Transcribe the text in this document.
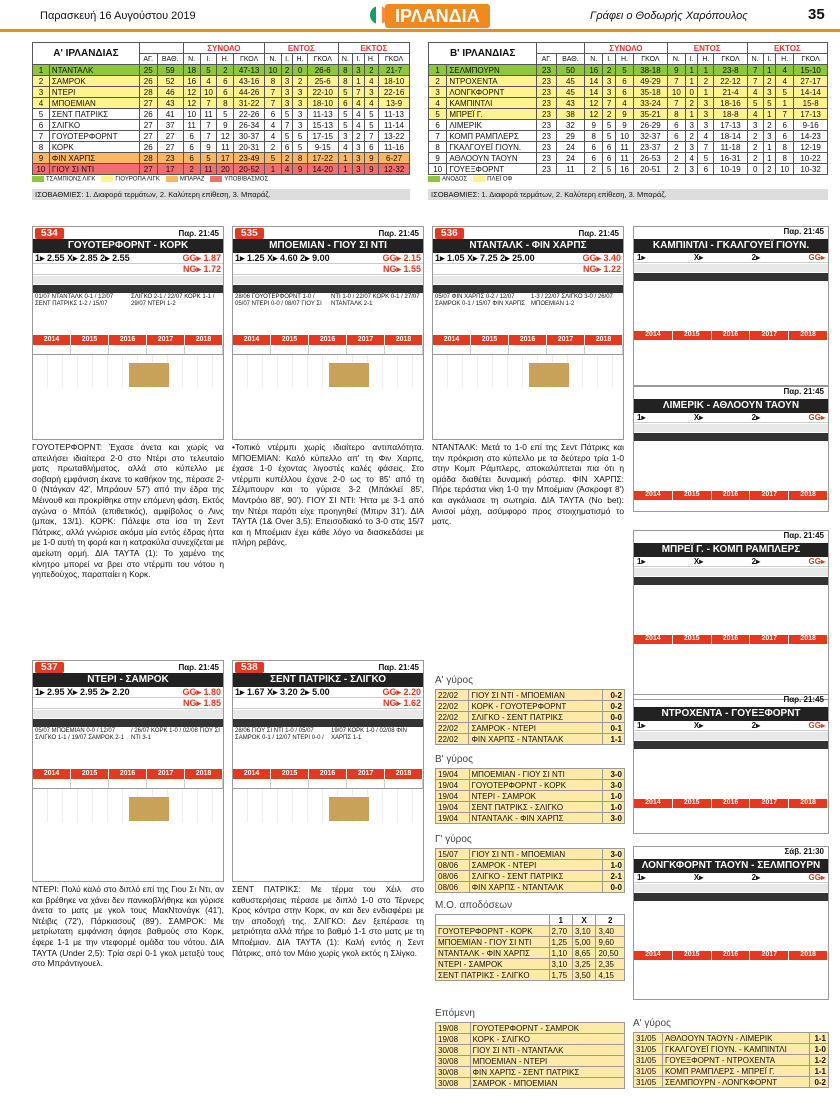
Παρασκευή 16 Αυγούστου 2019	ΙΡΛΑΝΔΙΑ	Γράφει ο Θοδωρής Χαρόπουλος	35
Α' ΙΡΛΑΝΔΙΑΣ				ΣΥΝΟΛΟ				ΕΝΤΟΣ				ΕΚΤΟΣ			
		ΑΓ.	ΒΑΘ.	Ν.	Ι.	Η.	ΓΚΟΛ	Ν.	Ι.	Η.	ΓΚΟΛ	Ν.	Ι.	Η.	ΓΚΟΛ
1	ΝΤΑΝΤΑΛΚ	25	59	18	5	2	47-13	10	2	0	26-6	8	3	2	21-7
2	ΣΑΜΡΟΚ	26	52	16	4	6	43-16	8	3	2	25-6	8	1	4	18-10
3	ΝΤΕΡΙ	28	46	12	10	6	44-26	7	3	3	22-10	5	7	3	22-16
4	ΜΠΟΕΜΙΑΝ	27	43	12	7	8	31-22	7	3	3	18-10	6	4	4	13-9
5	ΣΕΝΤ ΠΑΤΡΙΚΣ	26	41	10	11	5	22-26	6	5	3	11-13	5	4	5	11-13
6	ΣΛΙΓΚΟ	27	37	11	7	9	26-34	4	7	3	15-13	5	4	5	11-14
7	ΓΟΥΟΤΕΡΦΟΡΝΤ	27	27	6	7	12	30-37	4	5	5	17-15	3	2	7	13-22
8	ΚΟΡΚ	26	27	6	9	11	20-31	2	6	5	9-15	4	3	6	11-16
9	ΦΙΝ ΧΑΡΠΣ	28	23	6	5	17	23-49	5	2	8	17-22	1	3	9	6-27
10	ΓΙΟΥ ΣΙ ΝΤΙ	27	17	2	11	20	20-52	1	4	9	14-20	1	3	9	12-32
ΤΣΑΜΠΙΟΝΣ ΛΙΓΚ	ΓΙΟΥΡΟΠΑ ΛΙΓΚ	ΜΠΑΡΑΖ	ΥΠΟΒΙΒΑΣΜΟΣ
ΙΣΟΒΑΘΜΙΕΣ: 1. Διαφορά τερμάτων, 2. Καλύτερη επίθεση, 3. Μπαράζ.
Β' ΙΡΛΑΝΔΙΑΣ				ΣΥΝΟΛΟ				ΕΝΤΟΣ				ΕΚΤΟΣ			
		ΑΓ.	ΒΑΘ.	Ν.	Ι.	Η.	ΓΚΟΛ	Ν.	Ι.	Η.	ΓΚΟΛ	Ν.	Ι.	Η.	ΓΚΟΛ
1	ΣΕΛΜΠΟΥΡΝ	23	50	16	2	5	38-18	9	1	1	23-8	7	1	4	15-10
2	ΝΤΡΟΧΕΝΤΑ	23	45	14	3	6	49-29	7	1	2	22-12	7	2	4	27-17
3	ΛΟΝΓΚΦΟΡΝΤ	23	45	14	3	6	35-18	10	0	1	21-4	4	3	5	14-14
4	ΚΑΜΠΙΝΤΛΙ	23	43	12	7	4	33-24	7	2	3	18-16	5	5	1	15-8
5	ΜΠΡΕΪ Γ.	23	38	12	2	9	35-21	8	1	3	18-8	4	1	7	17-13
6	ΛΙΜΕΡΙΚ	23	32	9	5	9	26-29	6	3	3	17-13	3	2	6	9-16
7	ΚΟΜΠ ΡΑΜΠΛΕΡΣ	23	29	8	5	10	32-37	6	2	4	18-14	2	3	6	14-23
8	ΓΚΑΛΓΟΥΕΪ ΓΙΟΥΝ.	23	24	6	6	11	23-37	2	3	7	11-18	2	1	8	12-19
9	ΑΘΛΟΟΥΝ ΤΑΟΥΝ	23	24	6	6	11	26-53	2	4	5	16-31	2	1	8	10-22
10	ΓΟΥΕΞΦΟΡΝΤ	23	11	2	5	16	20-51	2	3	6	10-19	0	2	10	10-32
ΑΝΟΔΟΣ	ΠΛΕΪ ΟΦ
ΙΣΟΒΑΘΜΙΕΣ: 1. Διαφορά τερμάτων, 2. Καλύτερη επίθεση, 3. Μπαράζ.
534	Παρ. 21:45
ΓΟΥΟΤΕΡΦΟΡΝΤ - ΚΟΡΚ
1▸ 2.55 X▸ 2.85 2▸ 2.55	GG▸ 1.87
NG▸ 1.72
01/07 ΝΤΑΝΤΑΛΚ 0-1 / 12/07 ΣΕΝΤ ΠΑΤΡΙΚΣ 1-2 / 15/07 ΣΛΙΓΚΟ 2-1 / 22/07 ΚΟΡΚ 1-1 / 29/07 ΝΤΕΡΙ 1-2
2014	2015	2016	2017	2018
535	Παρ. 21:45
ΜΠΟΕΜΙΑΝ - ΓΙΟΥ ΣΙ ΝΤΙ
1▸ 1.25 X▸ 4.60 2▸ 9.00	GG▸ 2.15
NG▸ 1.55
28/06 ΓΟΥΟΤΕΡΦΟΡΝΤ 1-0 / 05/07 ΝΤΕΡΙ 0-0 / 08/07 ΓΙΟΥ ΣΙ ΝΤΙ 1-0 / 22/07 ΚΟΡΚ 0-1 / 27/07 ΝΤΑΝΤΑΛΚ 2-1
2014	2015	2016	2017	2018
536	Παρ. 21:45
ΝΤΑΝΤΑΛΚ - ΦΙΝ ΧΑΡΠΣ
1▸ 1.05 X▸ 7.25 2▸ 25.00	GG▸ 3.40
NG▸ 1.22
05/07 ΦΙΝ ΧΑΡΠΣ 0-2 / 12/07 ΣΑΜΡΟΚ 0-1 / 15/07 ΦΙΝ ΧΑΡΠΣ 1-3 / 22/07 ΣΛΙΓΚΟ 3-0 / 26/07 ΜΠΟΕΜΙΑΝ 1-2
2014	2015	2016	2017	2018
537	Παρ. 21:45
ΝΤΕΡΙ - ΣΑΜΡΟΚ
1▸ 2.95 X▸ 2.95 2▸ 2.20	GG▸ 1.80
NG▸ 1.85
05/07 ΜΠΟΕΜΙΑΝ 0-0 / 12/07 ΣΛΙΓΚΟ 1-1 / 19/07 ΣΑΜΡΟΚ 2-1 / 26/07 ΚΟΡΚ 1-0 / 02/08 ΓΙΟΥ ΣΙ ΝΤΙ 3-1
2014	2015	2016	2017	2018
538	Παρ. 21:45
ΣΕΝΤ ΠΑΤΡΙΚΣ - ΣΛΙΓΚΟ
1▸ 1.67 X▸ 3.20 2▸ 5.00	GG▸ 2.20
NG▸ 1.62
28/06 ΓΙΟΥ ΣΙ ΝΤΙ 1-0 / 05/07 ΣΑΜΡΟΚ 0-1 / 12/07 ΝΤΕΡΙ 0-0 / 19/07 ΚΟΡΚ 1-0 / 02/08 ΦΙΝ ΧΑΡΠΣ 1-1
2014	2015	2016	2017	2018
ΓΟΥΟΤΕΡΦΟΡΝΤ: Έχασε άνετα και χωρίς να απειλήσει ιδιαίτερα 2-0 στο Ντέρι στο τελευταίο ματς πρωταθλήματος, αλλά στο κύπελλο με σοβαρή εμφάνιση έκανε το καθήκον της, πέρασε 2-0 (Ντάγκαν 42', Μπράουν 57') από την έδρα της Μέινουθ και προκρίθηκε στην επόμενη φάση. Εκτός αγώνα ο Μπόιλ (επιθετικός), αμφίβολος ο Λινς (μπακ, 13/1). ΚΟΡΚ: Πάλεψε στα ίσα τη Σεντ Πάτρικς, αλλά γνώρισε ακόμα μία εντός έδρας ήττα με 1-0 αυτή τη φορά και η κατρακύλα συνεχίζεται με αμείωτη ορμή. ΔΙΑ ΤΑΥΤΑ (1): Το χαμένο της κίνητρο μπορεί να βρει στο ντέρμπι του νότου η γηπεδούχος, παραπαίει η Κορκ.
•Τοπικό ντέρμπι χωρίς ιδιαίτερο αντιπαλότητα. ΜΠΟΕΜΙΑΝ: Καλό κύπελλο απ' τη Φιν Χαρπς, έχασε 1-0 έχοντας λιγοστές καλές φάσεις. Στο ντέρμπι κυπέλλου έχανε 2-0 ως το 85' από τη Σέλμπουρν και το γύρισε 3-2 (Μπάκλεϊ 85', Μαντρόιο 88', 90'). ΓΙΟΥ ΣΙ ΝΤΙ: Ήττα με 3-1 από την Ντέρι παρότι είχε προηγηθεί (Μπιρν 31'). ΔΙΑ ΤΑΥΤΑ (1& Over 3,5): Επεισοδιακό το 3-0 στις 15/7 και η Μποέμιαν έχει κάθε λόγο να διασκεδάσει με πλήρη ρεβάνς.
ΝΤΑΝΤΑΛΚ: Μετά το 1-0 επί της Σεντ Πάτρικς και την πρόκριση στο κύπελλο με τα δεύτερο τρία 1-0 στην Κομπ Ράμπλερς, αποκαλύπτεται πια ότι η ομάδα διαθέτει δυναμική ρόστερ. ΦΙΝ ΧΑΡΠΣ: Πήρε τεράστια νίκη 1-0 την Μποέμιαν (Άσκροφτ 8') και αγκάλιασε τη σωτηρία. ΔΙΑ ΤΑΥΤΑ (No bet): Ανισοί μάχη, ασύμφορο προς στοιχηματισμό το ματς.
ΝΤΕΡΙ: Πολύ καλό στο διπλό επί της Γιου Σι Ντι, αν και βρέθηκε να χάνει δεν πανικοβλήθηκε και γύρισε άνετα το ματς με γκολ τους ΜακΝτονάγκ (41'), Ντέιβις (72'), Πάρκιασουζ (89'). ΣΑΜΡΟΚ: Με μετρίωτατη εμφάνιση άφησε βαθμούς στο Κορκ, έφερε 1-1 με την ντεφορμέ ομάδα του νότου. ΔΙΑ ΤΑΥΤΑ (Under 2,5): Τρία σερί 0-1 γκολ μεταξύ τους στο Μπράντιγουελ.
ΣΕΝΤ ΠΑΤΡΙΚΣ: Με τέρμα του Χέιλ στο καθυστερήσεις πέρασε με διπλό 1-0 στο Τέρνερς Κρος κόντρα στην Κορκ, αν και δεν ενδιαφέρει με την αποδοχή της. ΣΛΙΓΚΟ: Δεν ξεπέρασε τη μετριότητα αλλά πήρε το βαθμό 1-1 στο ματς με τη Μποέμιαν. ΔΙΑ ΤΑΥΤΑ (1): Καλή εντός η Σεντ Πάτρικς, από τον Μάιο χωρίς γκολ εκτός η Σλίγκο.
Α' γύρος
22/02	ΓΙΟΥ ΣΙ ΝΤΙ - ΜΠΟΕΜΙΑΝ	0-2
22/02	ΚΟΡΚ - ΓΟΥΟΤΕΡΦΟΡΝΤ	0-2
22/02	ΣΛΙΓΚΟ - ΣΕΝΤ ΠΑΤΡΙΚΣ	0-0
22/02	ΣΑΜΡΟΚ - ΝΤΕΡΙ	0-1
22/02	ΦΙΝ ΧΑΡΠΣ - ΝΤΑΝΤΑΛΚ	1-1
Β' γύρος
19/04	ΜΠΟΕΜΙΑΝ - ΓΙΟΥ ΣΙ ΝΤΙ	3-0
19/04	ΓΟΥΟΤΕΡΦΟΡΝΤ - ΚΟΡΚ	3-0
19/04	ΝΤΕΡΙ - ΣΑΜΡΟΚ	1-0
19/04	ΣΕΝΤ ΠΑΤΡΙΚΣ - ΣΛΙΓΚΟ	1-0
19/04	ΝΤΑΝΤΑΛΚ - ΦΙΝ ΧΑΡΠΣ	3-0
Γ' γύρος
15/07	ΓΙΟΥ ΣΙ ΝΤΙ - ΜΠΟΕΜΙΑΝ	3-0
08/06	ΣΑΜΡΟΚ - ΝΤΕΡΙ	1-0
08/06	ΣΛΙΓΚΟ - ΣΕΝΤ ΠΑΤΡΙΚΣ	2-1
08/06	ΦΙΝ ΧΑΡΠΣ - ΝΤΑΝΤΑΛΚ	0-0
Μ.Ο. αποδόσεων
	1	X	2
ΓΟΥΟΤΕΡΦΟΡΝΤ - ΚΟΡΚ	2,70	3,10	3,40
ΜΠΟΕΜΙΑΝ - ΓΙΟΥ ΣΙ ΝΤΙ	1,25	5,00	9,60
ΝΤΑΝΤΑΛΚ - ΦΙΝ ΧΑΡΠΣ	1,10	8,65	20,50
ΝΤΕΡΙ - ΣΑΜΡΟΚ	3,10	3,25	2,35
ΣΕΝΤ ΠΑΤΡΙΚΣ - ΣΛΙΓΚΟ	1,75	3,50	4,15
Επόμενη
19/08	ΓΟΥΟΤΕΡΦΟΡΝΤ - ΣΑΜΡΟΚ
19/08	ΚΟΡΚ - ΣΛΙΓΚΟ
30/08	ΓΙΟΥ ΣΙ ΝΤΙ - ΝΤΑΝΤΑΛΚ
30/08	ΜΠΟΕΜΙΑΝ - ΝΤΕΡΙ
30/08	ΦΙΝ ΧΑΡΠΣ - ΣΕΝΤ ΠΑΤΡΙΚΣ
30/08	ΣΑΜΡΟΚ - ΜΠΟΕΜΙΑΝ
Α' γύρος
31/05	ΑΘΛΟΟΥΝ ΤΑΟΥΝ - ΛΙΜΕΡΙΚ	1-1
31/05	ΓΚΑΛΓΟΥΕΪ ΓΙΟΥΝ. - ΚΑΜΠΙΝΤΛΙ	1-0
31/05	ΓΟΥΕΞΦΟΡΝΤ - ΝΤΡΟΧΕΝΤΑ	1-2
31/05	ΚΟΜΠ ΡΑΜΠΛΕΡΣ - ΜΠΡΕΪ Γ.	1-1
31/05	ΣΕΛΜΠΟΥΡΝ - ΛΟΝΓΚΦΟΡΝΤ	0-2
Παρ. 21:45
ΚΑΜΠΙΝΤΛΙ - ΓΚΑΛΓΟΥΕΪ ΓΙΟΥΝ.
1▸	X▸	2▸	GG▸
2014	2015	2016	2017	2018
Παρ. 21:45
ΛΙΜΕΡΙΚ - ΑΘΛΟΟΥΝ ΤΑΟΥΝ
1▸	X▸	2▸	GG▸
2014	2015	2016	2017	2018
Παρ. 21:45
ΜΠΡΕΪ Γ. - ΚΟΜΠ ΡΑΜΠΛΕΡΣ
1▸	X▸	2▸	GG▸
2014	2015	2016	2017	2018
Παρ. 21:45
ΝΤΡΟΧΕΝΤΑ - ΓΟΥΕΞΦΟΡΝΤ
1▸	X▸	2▸	GG▸
2014	2015	2016	2017	2018
Σάβ. 21:30
ΛΟΝΓΚΦΟΡΝΤ ΤΑΟΥΝ - ΣΕΛΜΠΟΥΡΝ
1▸	X▸	2▸	GG▸
2014	2015	2016	2017	2018
